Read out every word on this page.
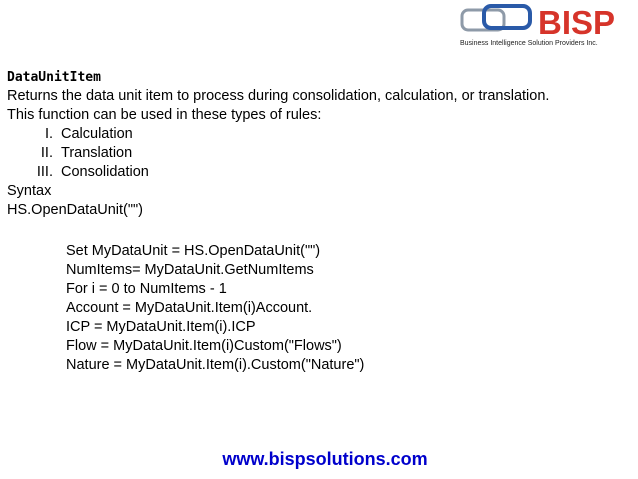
BISP
Business Intelligence Solution Providers Inc.
DataUnitItem
Returns the data unit item to process during consolidation, calculation, or translation.
This function can be used in these types of rules:
I. Calculation
II. Translation
III. Consolidation
Syntax
HS.OpenDataUnit("")
Set MyDataUnit = HS.OpenDataUnit("")
NumItems= MyDataUnit.GetNumItems
For i = 0 to NumItems - 1
Account = MyDataUnit.Item(i)Account.
ICP = MyDataUnit.Item(i).ICP
Flow = MyDataUnit.Item(i)Custom("Flows")
Nature = MyDataUnit.Item(i).Custom("Nature")
www.bispsolutions.com
